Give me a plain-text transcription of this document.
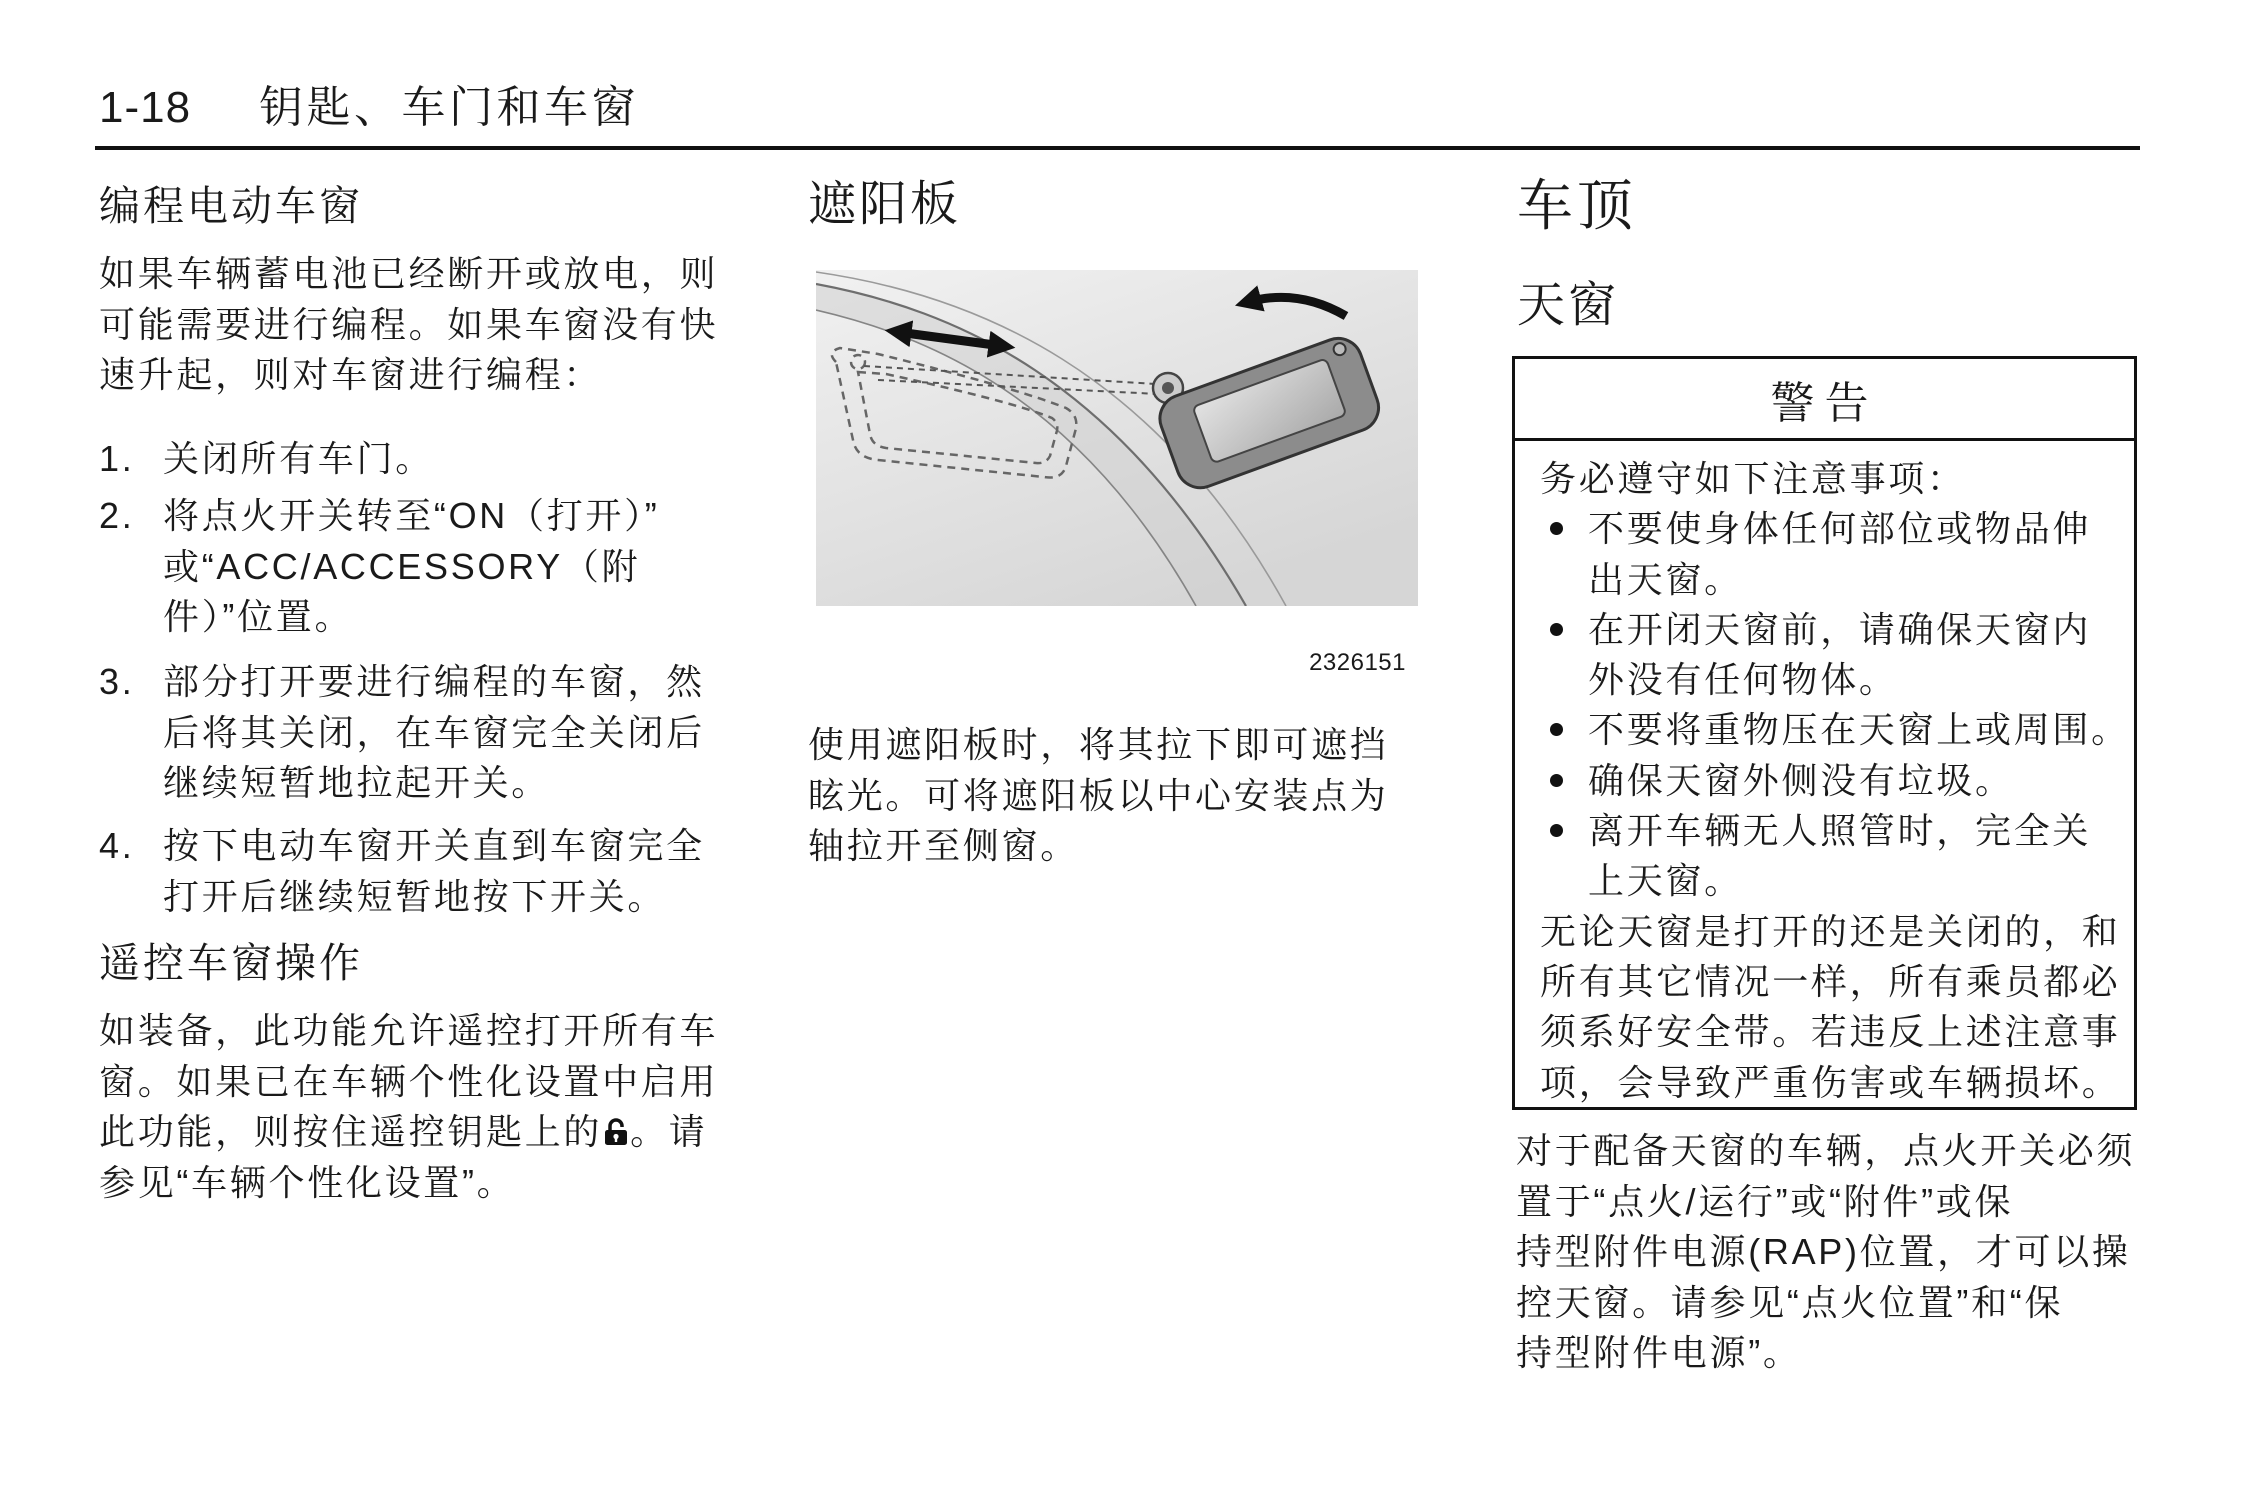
1-18 钥匙、车门和车窗
编程电动车窗
如果车辆蓄电池已经断开或放电，则
可能需要进行编程。如果车窗没有快
速升起，则对车窗进行编程：
1. 关闭所有车门。
2. 将点火开关转至“ON（打开）”
或“ACC/ACCESSORY（附
件）”位置。
3. 部分打开要进行编程的车窗，然
后将其关闭，在车窗完全关闭后
继续短暂地拉起开关。
4. 按下电动车窗开关直到车窗完全
打开后继续短暂地按下开关。
遥控车窗操作
如装备，此功能允许遥控打开所有车
窗。如果已在车辆个性化设置中启用
此功能，则按住遥控钥匙上的 。请
参见“车辆个性化设置”。
遮阳板
2326151
使用遮阳板时，将其拉下即可遮挡
眩光。可将遮阳板以中心安装点为
轴拉开至侧窗。
车顶
天窗
警告
务必遵守如下注意事项：
不要使身体任何部位或物品伸
出天窗。
在开闭天窗前，请确保天窗内
外没有任何物体。
不要将重物压在天窗上或周围。
确保天窗外侧没有垃圾。
离开车辆无人照管时，完全关
上天窗。
无论天窗是打开的还是关闭的，和
所有其它情况一样，所有乘员都必
须系好安全带。若违反上述注意事
项，会导致严重伤害或车辆损坏。
对于配备天窗的车辆，点火开关必须
置于“点火/运行”或“附件”或保
持型附件电源(RAP)位置，才可以操
控天窗。请参见“点火位置”和“保
持型附件电源”。
